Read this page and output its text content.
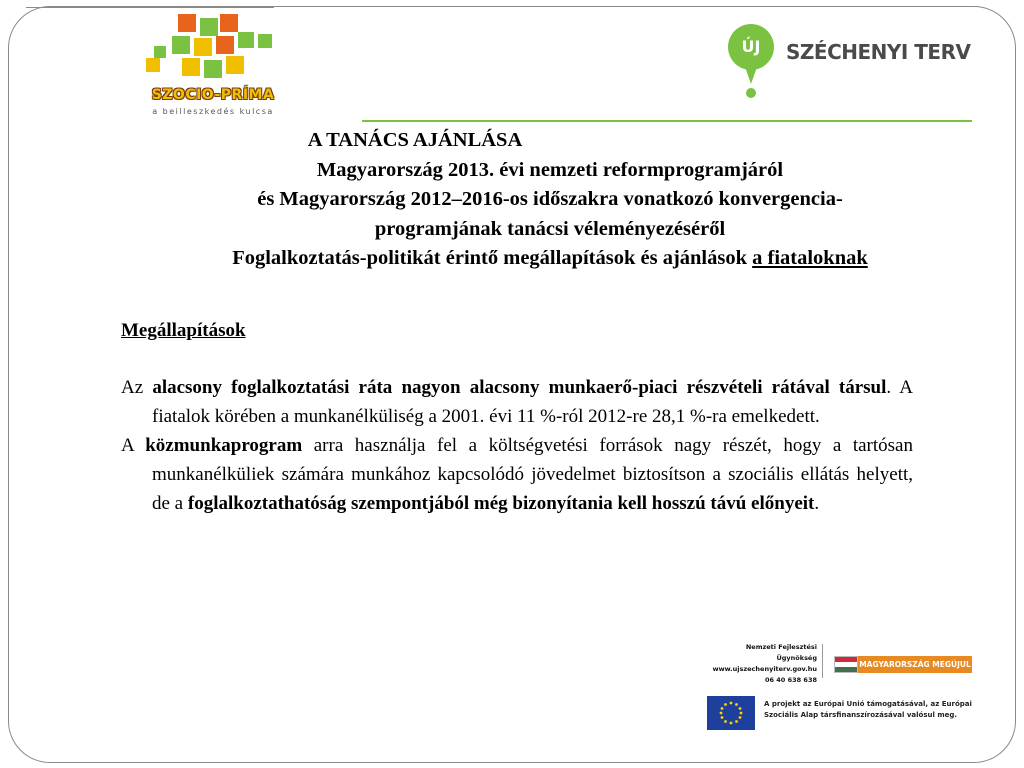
SZOCIO-PRÍMA
a beilleszkedés kulcsa
ÚJ	SZÉCHENYI TERV
A TANÁCS AJÁNLÁSA
Magyarország 2013. évi nemzeti reformprogramjáról
és Magyarország 2012–2016-os időszakra vonatkozó konvergencia-
programjának tanácsi véleményezéséről
Foglalkoztatás-politikát érintő megállapítások és ajánlások a fiataloknak
Megállapítások

Az alacsony foglalkoztatási ráta nagyon alacsony munkaerő-piaci részvételi rátával társul. A fiatalok körében a munkanélküliség a 2001. évi 11 %-ról 2012-re 28,1 %-ra emelkedett.

A közmunkaprogram arra használja fel a költségvetési források nagy részét, hogy a tartósan munkanélküliek számára munkához kapcsolódó jövedelmet biztosítson a szociális ellátás helyett, de a foglalkoztathatóság szempontjából még bizonyítania kell hosszú távú előnyeit.

Nemzeti Fejlesztési Ügynökség
www.ujszechenyiterv.gov.hu
06 40 638 638
MAGYARORSZÁG MEGÚJUL
A projekt az Európai Unió támogatásával, az Európai
Szociális Alap társfinanszírozásával valósul meg.
